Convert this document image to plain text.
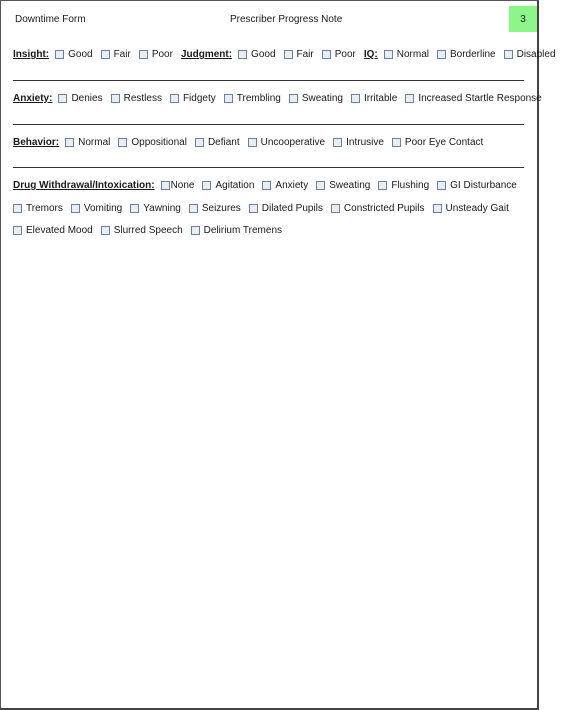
Downtime Form	Prescriber Progress Note	3
Insight: Good Fair Poor Judgment: Good Fair Poor IQ: Normal Borderline Disabled
Anxiety: Denies Restless Fidgety Trembling Sweating Irritable Increased Startle Response
Behavior: Normal Oppositional Defiant Uncooperative Intrusive Poor Eye Contact
Drug Withdrawal/Intoxication: None Agitation Anxiety Sweating Flushing GI Disturbance
Tremors Vomiting Yawning Seizures Dilated Pupils Constricted Pupils Unsteady Gait
Elevated Mood Slurred Speech Delirium Tremens
